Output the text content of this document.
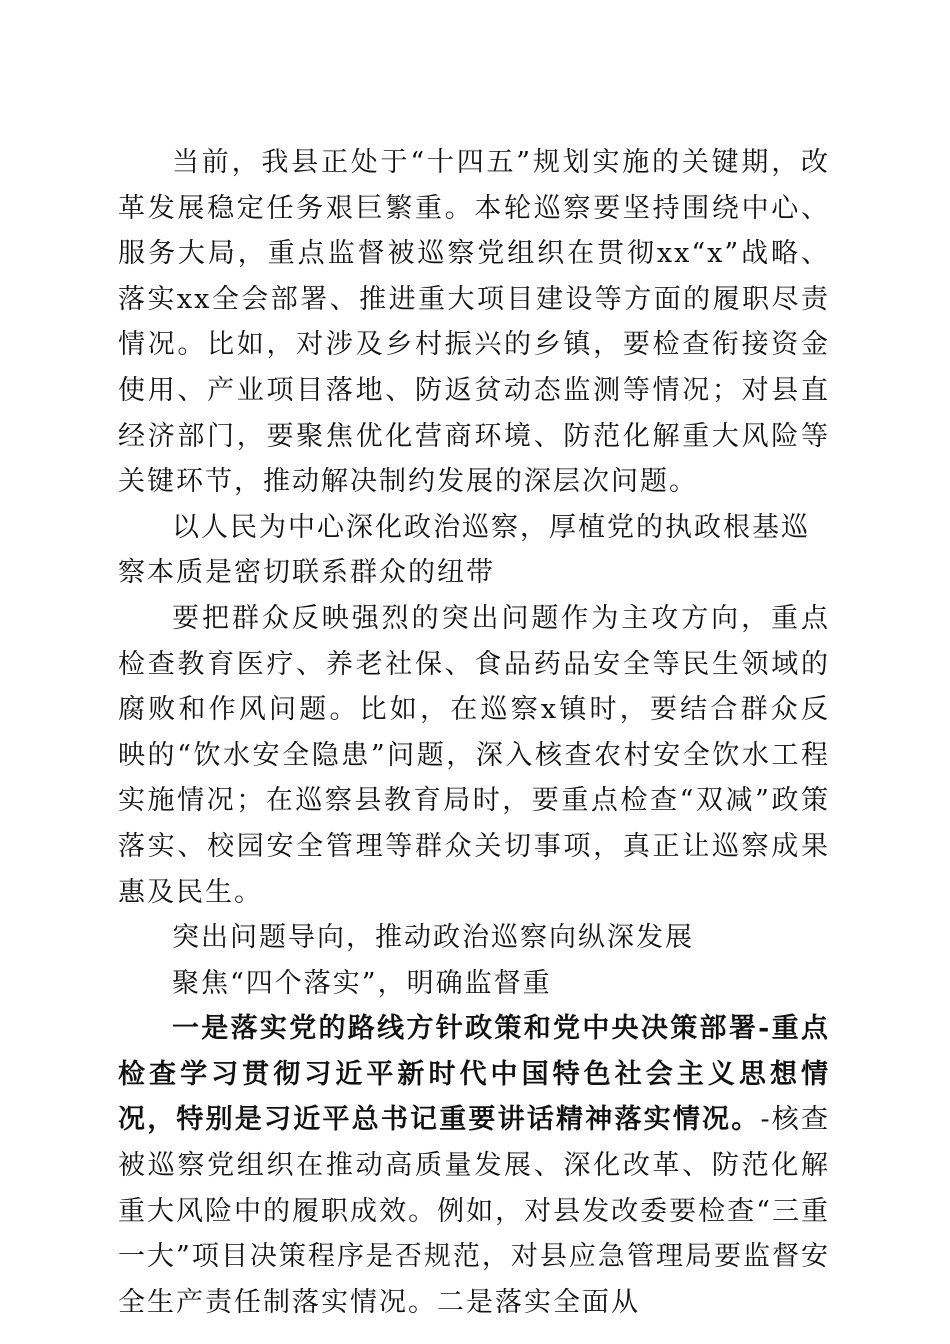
当前，我县正处于“十四五”规划实施的关键期，改革发展稳定任务艰巨繁重。本轮巡察要坚持围绕中心、服务大局，重点监督被巡察党组织在贯彻xx“x”战略、落实xx全会部署、推进重大项目建设等方面的履职尽责情况。比如，对涉及乡村振兴的乡镇，要检查衔接资金使用、产业项目落地、防返贫动态监测等情况；对县直经济部门，要聚焦优化营商环境、防范化解重大风险等关键环节，推动解决制约发展的深层次问题。

以人民为中心深化政治巡察，厚植党的执政根基巡察本质是密切联系群众的纽带

要把群众反映强烈的突出问题作为主攻方向，重点检查教育医疗、养老社保、食品药品安全等民生领域的腐败和作风问题。比如，在巡察x镇时，要结合群众反映的“饮水安全隐患”问题，深入核查农村安全饮水工程实施情况；在巡察县教育局时，要重点检查“双减”政策落实、校园安全管理等群众关切事项，真正让巡察成果惠及民生。

突出问题导向，推动政治巡察向纵深发展

聚焦“四个落实”，明确监督重

一是落实党的路线方针政策和党中央决策部署-重点检查学习贯彻习近平新时代中国特色社会主义思想情况，特别是习近平总书记重要讲话精神落实情况。-核查被巡察党组织在推动高质量发展、深化改革、防范化解重大风险中的履职成效。例如，对县发改委要检查“三重一大”项目决策程序是否规范，对县应急管理局要监督安全生产责任制落实情况。二是落实全面从
